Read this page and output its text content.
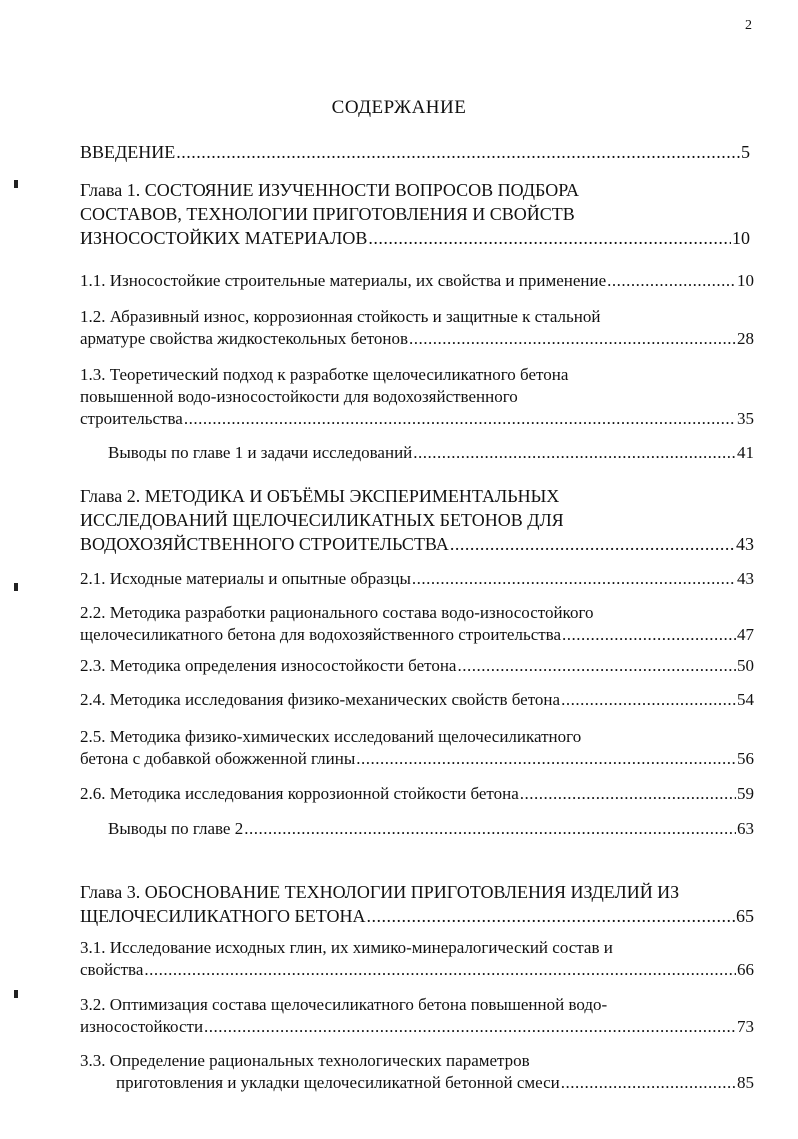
2
СОДЕРЖАНИЕ
ВВЕДЕНИЕ .....	5
Глава 1. СОСТОЯНИЕ ИЗУЧЕННОСТИ ВОПРОСОВ ПОДБОРА
СОСТАВОВ, ТЕХНОЛОГИИ ПРИГОТОВЛЕНИЯ И СВОЙСТВ
ИЗНОСОСТОЙКИХ МАТЕРИАЛОВ .....	10
1.1. Износостойкие строительные материалы, их свойства и применение .....	10
1.2. Абразивный износ, коррозионная стойкость и защитные к стальной
арматуре свойства жидкостекольных бетонов .....	28
1.3. Теоретический подход к разработке щелочесиликатного бетона
повышенной водо-износостойкости для водохозяйственного
строительства .....	35
Выводы по главе 1 и задачи исследований .....	41
Глава 2. МЕТОДИКА И ОБЪЁМЫ ЭКСПЕРИМЕНТАЛЬНЫХ
ИССЛЕДОВАНИЙ ЩЕЛОЧЕСИЛИКАТНЫХ БЕТОНОВ ДЛЯ
ВОДОХОЗЯЙСТВЕННОГО СТРОИТЕЛЬСТВА .....	43
2.1. Исходные материалы и опытные образцы .....	43
2.2. Методика разработки рационального состава водо-износостойкого
щелочесиликатного бетона для водохозяйственного строительства .....	47
2.3. Методика определения износостойкости бетона .....	50
2.4. Методика исследования физико-механических свойств бетона .....	54
2.5. Методика физико-химических исследований щелочесиликатного
бетона с добавкой обожженной глины .....	56
2.6. Методика исследования коррозионной стойкости бетона .....	59
Выводы по главе 2 .....	63
Глава 3. ОБОСНОВАНИЕ ТЕХНОЛОГИИ ПРИГОТОВЛЕНИЯ ИЗДЕЛИЙ ИЗ
ЩЕЛОЧЕСИЛИКАТНОГО БЕТОНА .....	65
3.1. Исследование исходных глин, их химико-минералогический состав и
свойства .....	66
3.2. Оптимизация состава щелочесиликатного бетона повышенной водо-
износостойкости .....	73
3.3. Определение рациональных технологических параметров
приготовления и укладки щелочесиликатной бетонной смеси .....	85
